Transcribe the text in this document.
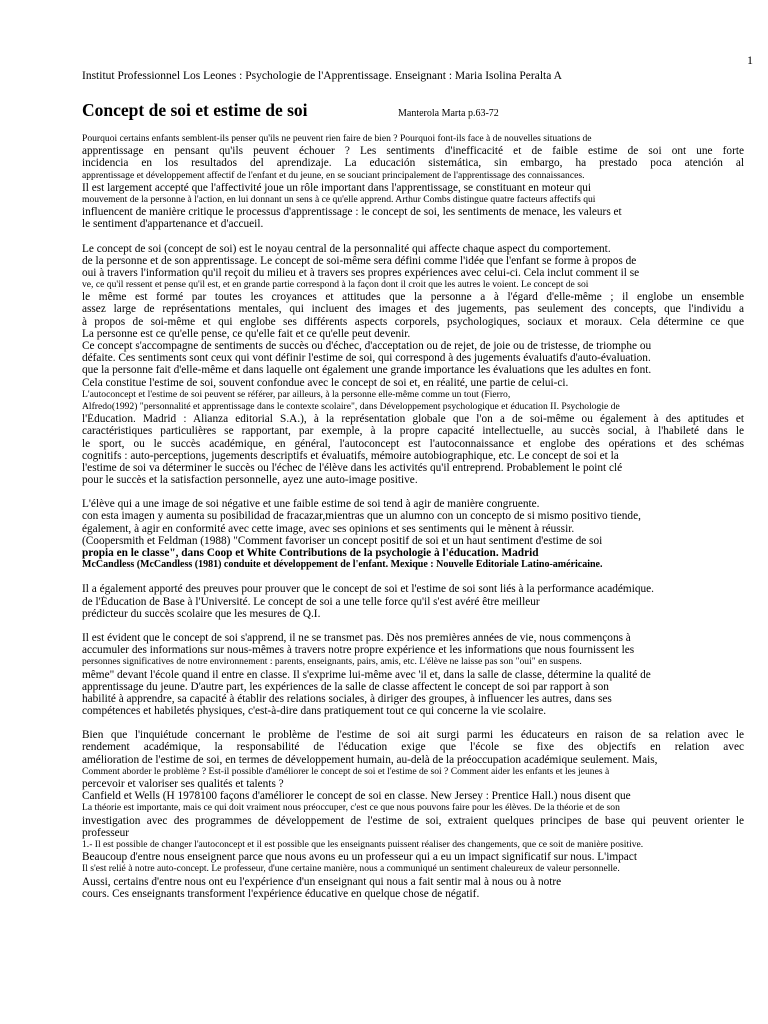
1
Institut Professionnel Los Leones : Psychologie de l'Apprentissage. Enseignant : Maria Isolina Peralta A
Concept de soi et estime de soi	Manterola Marta p.63-72
Pourquoi certains enfants semblent-ils penser qu'ils ne peuvent rien faire de bien ? Pourquoi font-ils face à de nouvelles situations de
apprentissage en pensant qu'ils peuvent échouer ? Les sentiments d'inefficacité et de faible estime de soi ont une forte
incidencia en los resultados del aprendizaje. La educación sistemática, sin embargo, ha prestado poca atención al
apprentissage et développement affectif de l'enfant et du jeune, en se souciant principalement de l'apprentissage des connaissances.
Il est largement accepté que l'affectivité joue un rôle important dans l'apprentissage, se constituant en moteur qui
mouvement de la personne à l'action, en lui donnant un sens à ce qu'elle apprend. Arthur Combs distingue quatre facteurs affectifs qui
influencent de manière critique le processus d'apprentissage : le concept de soi, les sentiments de menace, les valeurs et
le sentiment d'appartenance et d'accueil.
Le concept de soi (concept de soi) est le noyau central de la personnalité qui affecte chaque aspect du comportement.
de la personne et de son apprentissage. Le concept de soi-même sera défini comme l'idée que l'enfant se forme à propos de
oui à travers l'information qu'il reçoit du milieu et à travers ses propres expériences avec celui-ci. Cela inclut comment il se
ve, ce qu'il ressent et pense qu'il est, et en grande partie correspond à la façon dont il croit que les autres le voient. Le concept de soi
le même est formé par toutes les croyances et attitudes que la personne a à l'égard d'elle-même ; il englobe un ensemble
assez large de représentations mentales, qui incluent des images et des jugements, pas seulement des concepts, que l'individu a
à propos de soi-même et qui englobe ses différents aspects corporels, psychologiques, sociaux et moraux. Cela détermine ce que
La personne est ce qu'elle pense, ce qu'elle fait et ce qu'elle peut devenir.
Ce concept s'accompagne de sentiments de succès ou d'échec, d'acceptation ou de rejet, de joie ou de tristesse, de triomphe ou
défaite. Ces sentiments sont ceux qui vont définir l'estime de soi, qui correspond à des jugements évaluatifs d'auto-évaluation.
que la personne fait d'elle-même et dans laquelle ont également une grande importance les évaluations que les adultes en font.
Cela constitue l'estime de soi, souvent confondue avec le concept de soi et, en réalité, une partie de celui-ci.
L'autoconcept et l'estime de soi peuvent se référer, par ailleurs, à la personne elle-même comme un tout (Fierro,
Alfredo(1992) "personnalité et apprentissage dans le contexte scolaire", dans Développement psychologique et éducation II. Psychologie de
l'Éducation. Madrid : Alianza editorial S.A.), à la représentation globale que l'on a de soi-même ou également à des aptitudes et
caractéristiques particulières se rapportant, par exemple, à la propre capacité intellectuelle, au succès social, à l'habileté dans le
le sport, ou le succès académique, en général, l'autoconcept est l'autoconnaissance et englobe des opérations et des schémas
cognitifs : auto-perceptions, jugements descriptifs et évaluatifs, mémoire autobiographique, etc. Le concept de soi et la
l'estime de soi va déterminer le succès ou l'échec de l'élève dans les activités qu'il entreprend. Probablement le point clé
pour le succès et la satisfaction personnelle, ayez une auto-image positive.
L'élève qui a une image de soi négative et une faible estime de soi tend à agir de manière congruente.
con esta imagen y aumenta su posibilidad de fracazar,mientras que un alumno con un concepto de si mismo positivo tiende,
également, à agir en conformité avec cette image, avec ses opinions et ses sentiments qui le mènent à réussir.
(Coopersmith et Feldman (1988) "Comment favoriser un concept positif de soi et un haut sentiment d'estime de soi
propia en le classe", dans Coop et White Contributions de la psychologie à l'éducation. Madrid
McCandless (McCandless (1981) conduite et développement de l'enfant. Mexique : Nouvelle Éditoriale Latino-américaine.
Il a également apporté des preuves pour prouver que le concept de soi et l'estime de soi sont liés à la performance académique.
de l'Éducation de Base à l'Université. Le concept de soi a une telle force qu'il s'est avéré être meilleur
prédicteur du succès scolaire que les mesures de Q.I.
Il est évident que le concept de soi s'apprend, il ne se transmet pas. Dès nos premières années de vie, nous commençons à
accumuler des informations sur nous-mêmes à travers notre propre expérience et les informations que nous fournissent les
personnes significatives de notre environnement : parents, enseignants, pairs, amis, etc. L'élève ne laisse pas son "oui" en suspens.
même" devant l'école quand il entre en classe. Il s'exprime lui-même avec 'il et, dans la salle de classe, détermine la qualité de
apprentissage du jeune. D'autre part, les expériences de la salle de classe affectent le concept de soi par rapport à son
habilité à apprendre, sa capacité à établir des relations sociales, à diriger des groupes, à influencer les autres, dans ses
compétences et habiletés physiques, c'est-à-dire dans pratiquement tout ce qui concerne la vie scolaire.
Bien que l'inquiétude concernant le problème de l'estime de soi ait surgi parmi les éducateurs en raison de sa relation avec le
rendement académique, la responsabilité de l'éducation exige que l'école se fixe des objectifs en relation avec
amélioration de l'estime de soi, en termes de développement humain, au-delà de la préoccupation académique seulement. Mais,
Comment aborder le problème ? Est-il possible d'améliorer le concept de soi et l'estime de soi ? Comment aider les enfants et les jeunes à
percevoir et valoriser ses qualités et talents ?
Canfield et Wells (H 1978100 façons d'améliorer le concept de soi en classe. New Jersey : Prentice Hall.) nous disent que
La théorie est importante, mais ce qui doit vraiment nous préoccuper, c'est ce que nous pouvons faire pour les élèves. De la théorie et de son
investigation avec des programmes de développement de l'estime de soi, extraient quelques principes de base qui peuvent orienter le
professeur
1.- Il est possible de changer l'autoconcept et il est possible que les enseignants puissent réaliser des changements, que ce soit de manière positive.
Beaucoup d'entre nous enseignent parce que nous avons eu un professeur qui a eu un impact significatif sur nous. L'impact
Il s'est relié à notre auto-concept. Le professeur, d'une certaine manière, nous a communiqué un sentiment chaleureux de valeur personnelle.
Aussi, certains d'entre nous ont eu l'expérience d'un enseignant qui nous a fait sentir mal à nous ou à notre
cours. Ces enseignants transforment l'expérience éducative en quelque chose de négatif.
